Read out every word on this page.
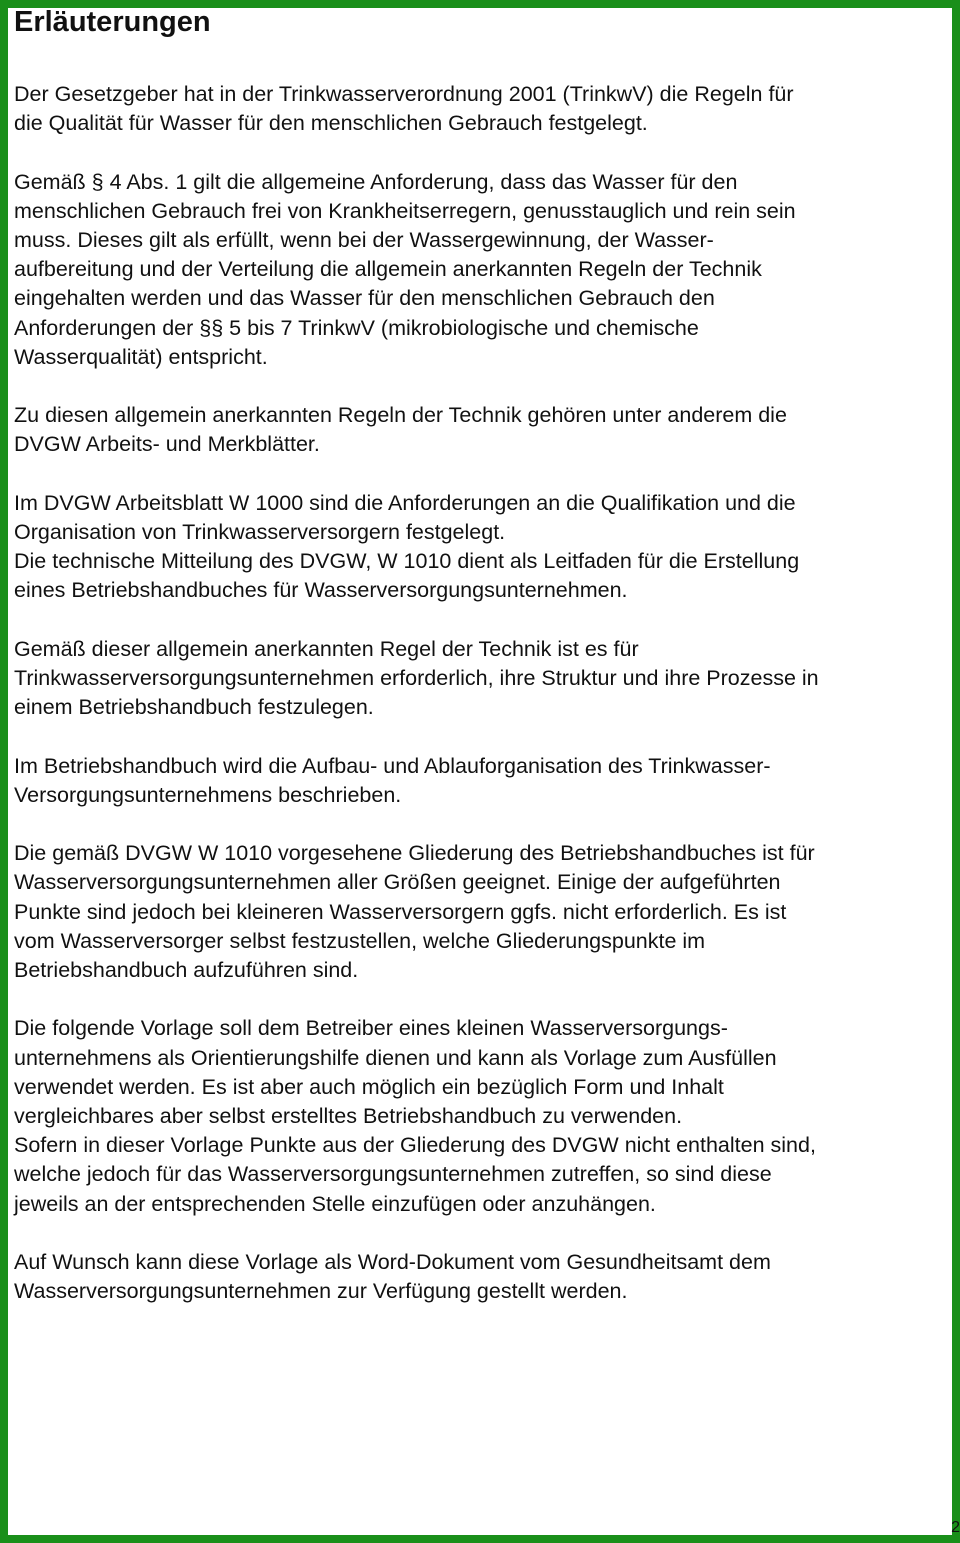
Erläuterungen

Der Gesetzgeber hat in der Trinkwasserverordnung 2001 (TrinkwV) die Regeln für
die Qualität für Wasser für den menschlichen Gebrauch festgelegt.

Gemäß § 4 Abs. 1 gilt die allgemeine Anforderung, dass das Wasser für den
menschlichen Gebrauch frei von Krankheitserregern, genusstauglich und rein sein
muss. Dieses gilt als erfüllt, wenn bei der Wassergewinnung, der Wasser-
aufbereitung und der Verteilung die allgemein anerkannten Regeln der Technik
eingehalten werden und das Wasser für den menschlichen Gebrauch den
Anforderungen der §§ 5 bis 7 TrinkwV (mikrobiologische und chemische
Wasserqualität) entspricht.

Zu diesen allgemein anerkannten Regeln der Technik gehören unter anderem die
DVGW Arbeits- und Merkblätter.

Im DVGW Arbeitsblatt W 1000 sind die Anforderungen an die Qualifikation und die
Organisation von Trinkwasserversorgern festgelegt.

Die technische Mitteilung des DVGW, W 1010 dient als Leitfaden für die Erstellung
eines Betriebshandbuches für Wasserversorgungsunternehmen.

Gemäß dieser allgemein anerkannten Regel der Technik ist es für
Trinkwasserversorgungsunternehmen erforderlich, ihre Struktur und ihre Prozesse in
einem Betriebshandbuch festzulegen.

Im Betriebshandbuch wird die Aufbau- und Ablauforganisation des Trinkwasser-
Versorgungsunternehmens beschrieben.

Die gemäß DVGW W 1010 vorgesehene Gliederung des Betriebshandbuches ist für
Wasserversorgungsunternehmen aller Größen geeignet. Einige der aufgeführten
Punkte sind jedoch bei kleineren Wasserversorgern ggfs. nicht erforderlich. Es ist
vom Wasserversorger selbst festzustellen, welche Gliederungspunkte im
Betriebshandbuch aufzuführen sind.

Die folgende Vorlage soll dem Betreiber eines kleinen Wasserversorgungs-
unternehmens als Orientierungshilfe dienen und kann als Vorlage zum Ausfüllen
verwendet werden. Es ist aber auch möglich ein bezüglich Form und Inhalt
vergleichbares aber selbst erstelltes Betriebshandbuch zu verwenden.

Sofern in dieser Vorlage Punkte aus der Gliederung des DVGW nicht enthalten sind,
welche jedoch für das Wasserversorgungsunternehmen zutreffen, so sind diese
jeweils an der entsprechenden Stelle einzufügen oder anzuhängen.

Auf Wunsch kann diese Vorlage als Word-Dokument vom Gesundheitsamt dem
Wasserversorgungsunternehmen zur Verfügung gestellt werden.

2
